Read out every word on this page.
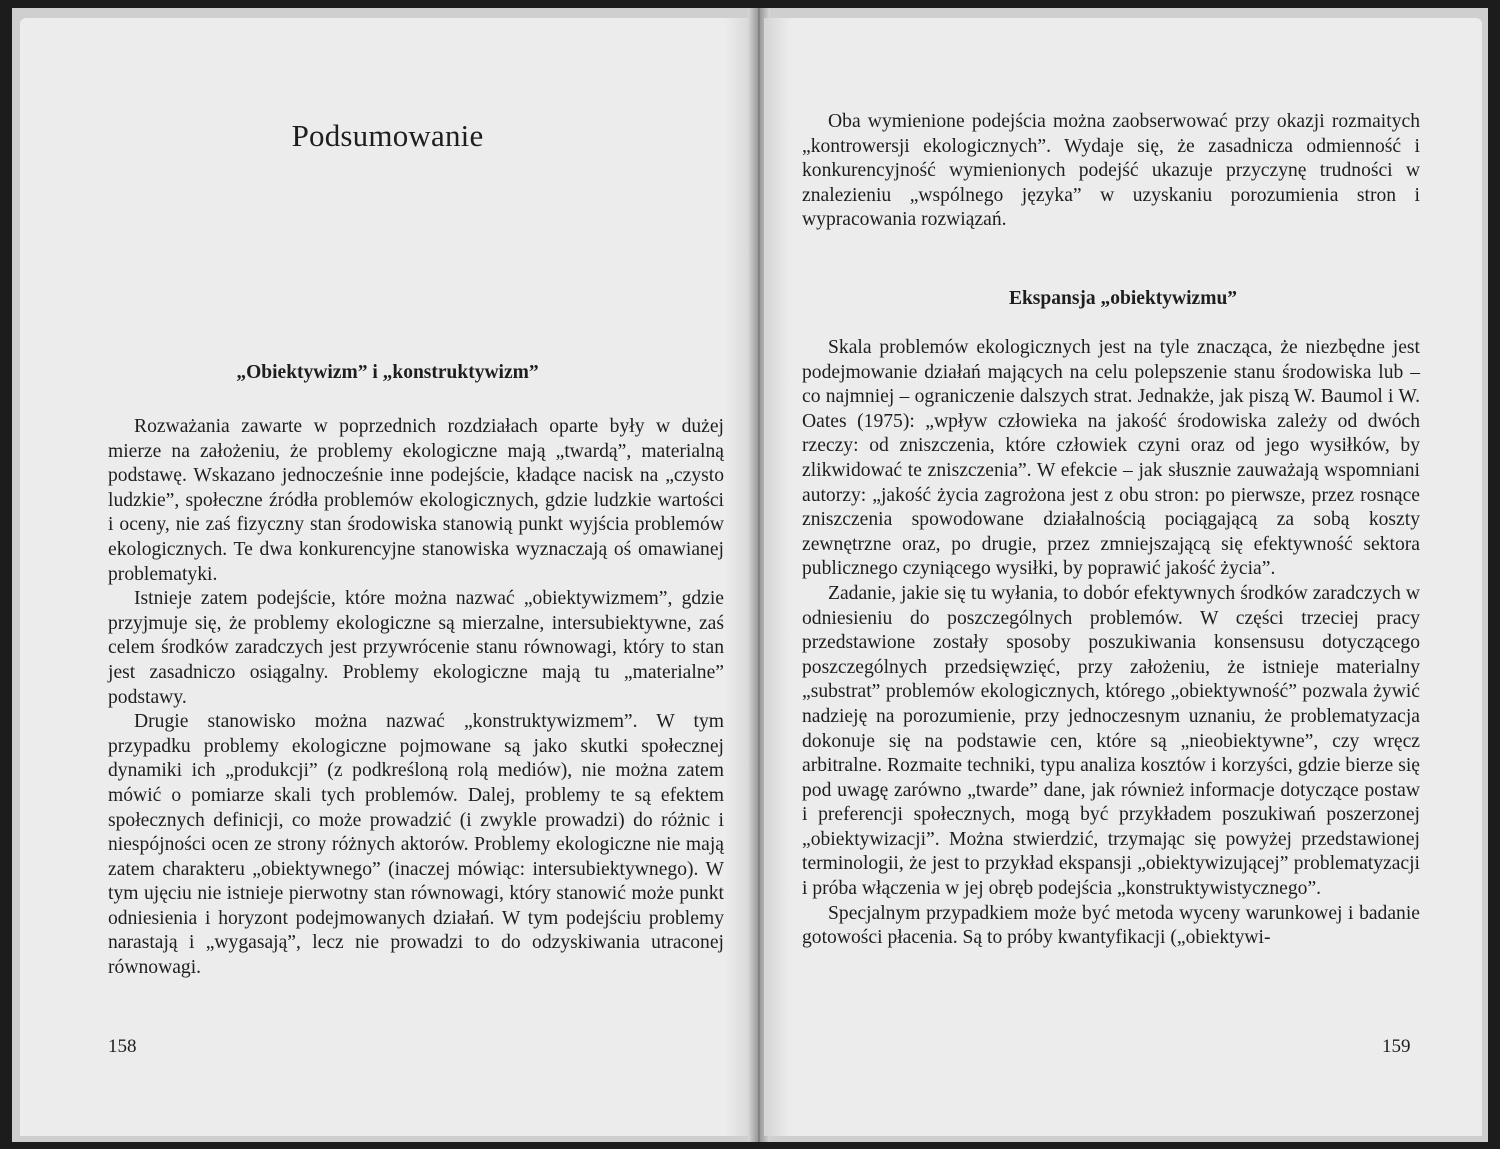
Podsumowanie
„Obiektywizm” i „konstruktywizm”

Rozważania zawarte w poprzednich rozdziałach oparte były w dużej mierze na założeniu, że problemy ekologiczne mają „twardą”, materialną podstawę. Wskazano jednocześnie inne podejście, kładące nacisk na „czysto ludzkie”, społeczne źródła problemów ekologicznych, gdzie ludzkie wartości i oceny, nie zaś fizyczny stan środowiska stanowią punkt wyjścia problemów ekologicznych. Te dwa konkurencyjne stanowiska wyznaczają oś omawianej problematyki.

Istnieje zatem podejście, które można nazwać „obiektywizmem”, gdzie przyjmuje się, że problemy ekologiczne są mierzalne, intersubiektywne, zaś celem środków zaradczych jest przywrócenie stanu równowagi, który to stan jest zasadniczo osiągalny. Problemy ekologiczne mają tu „materialne” podstawy.

Drugie stanowisko można nazwać „konstruktywizmem”. W tym przypadku problemy ekologiczne pojmowane są jako skutki społecznej dynamiki ich „produkcji” (z podkreśloną rolą mediów), nie można zatem mówić o pomiarze skali tych problemów. Dalej, problemy te są efektem społecznych definicji, co może prowadzić (i zwykle prowadzi) do różnic i niespójności ocen ze strony różnych aktorów. Problemy ekologiczne nie mają zatem charakteru „obiektywnego” (inaczej mówiąc: intersubiektywnego). W tym ujęciu nie istnieje pierwotny stan równowagi, który stanowić może punkt odniesienia i horyzont podejmowanych działań. W tym podejściu problemy narastają i „wygasają”, lecz nie prowadzi to do odzyskiwania utraconej równowagi.

158

Oba wymienione podejścia można zaobserwować przy okazji rozmaitych „kontrowersji ekologicznych”. Wydaje się, że zasadnicza odmienność i konkurencyjność wymienionych podejść ukazuje przyczynę trudności w znalezieniu „wspólnego języka” w uzyskaniu porozumienia stron i wypracowania rozwiązań.

Ekspansja „obiektywizmu”

Skala problemów ekologicznych jest na tyle znacząca, że niezbędne jest podejmowanie działań mających na celu polepszenie stanu środowiska lub – co najmniej – ograniczenie dalszych strat. Jednakże, jak piszą W. Baumol i W. Oates (1975): „wpływ człowieka na jakość środowiska zależy od dwóch rzeczy: od zniszczenia, które człowiek czyni oraz od jego wysiłków, by zlikwidować te zniszczenia”. W efekcie – jak słusznie zauważają wspomniani autorzy: „jakość życia zagrożona jest z obu stron: po pierwsze, przez rosnące zniszczenia spowodowane działalnością pociągającą za sobą koszty zewnętrzne oraz, po drugie, przez zmniejszającą się efektywność sektora publicznego czyniącego wysiłki, by poprawić jakość życia”.

Zadanie, jakie się tu wyłania, to dobór efektywnych środków zaradczych w odniesieniu do poszczególnych problemów. W części trzeciej pracy przedstawione zostały sposoby poszukiwania konsensusu dotyczącego poszczególnych przedsięwzięć, przy założeniu, że istnieje materialny „substrat” problemów ekologicznych, którego „obiektywność” pozwala żywić nadzieję na porozumienie, przy jednoczesnym uznaniu, że problematyzacja dokonuje się na podstawie cen, które są „nieobiektywne”, czy wręcz arbitralne. Rozmaite techniki, typu analiza kosztów i korzyści, gdzie bierze się pod uwagę zarówno „twarde” dane, jak również informacje dotyczące postaw i preferencji społecznych, mogą być przykładem poszukiwań poszerzonej „obiektywizacji”. Można stwierdzić, trzymając się powyżej przedstawionej terminologii, że jest to przykład ekspansji „obiektywizującej” problematyzacji i próba włączenia w jej obręb podejścia „konstruktywistycznego”.

Specjalnym przypadkiem może być metoda wyceny warunkowej i badanie gotowości płacenia. Są to próby kwantyfikacji („obiektywi-

159
